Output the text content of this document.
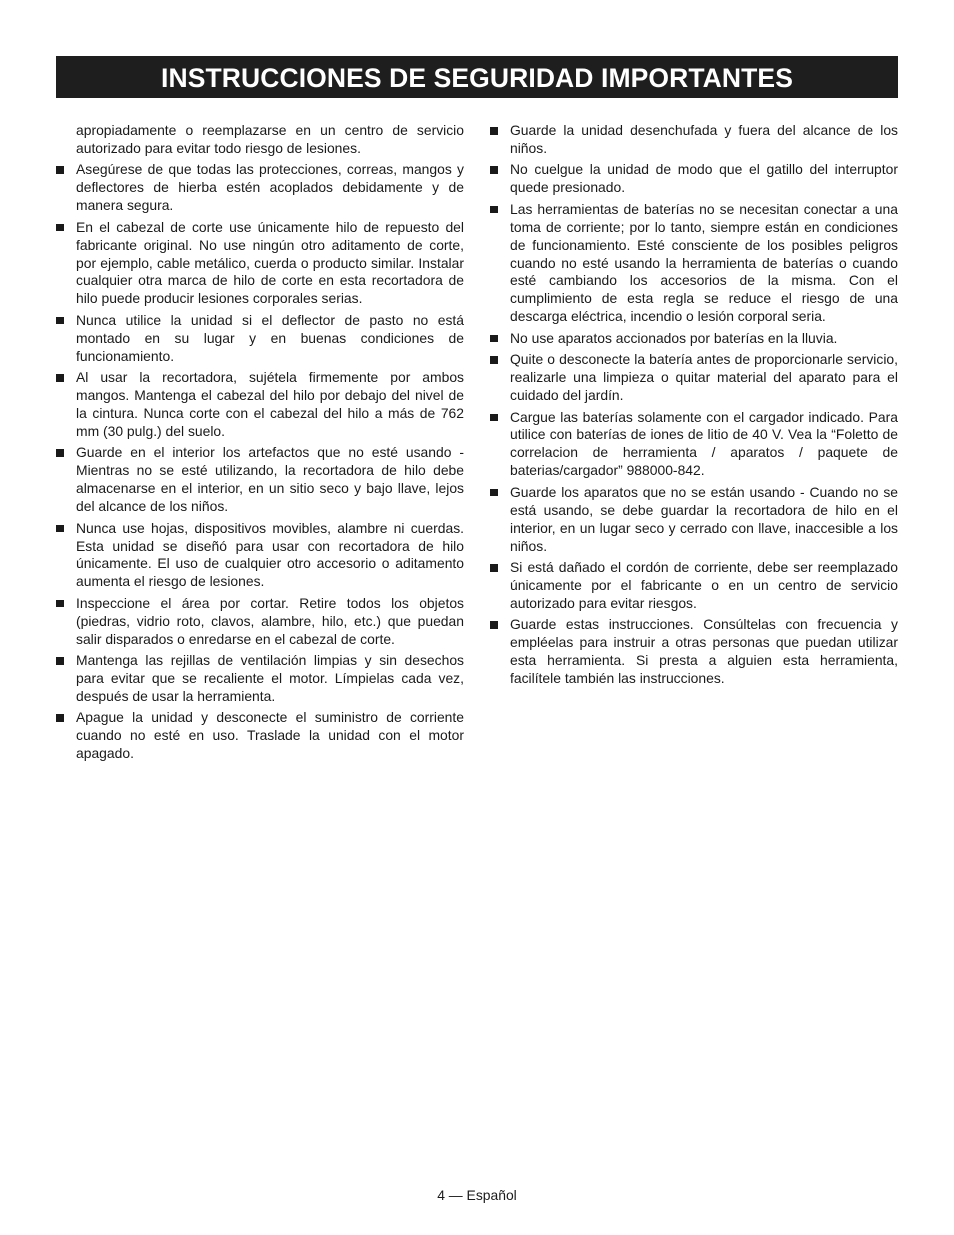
INSTRUCCIONES DE SEGURIDAD IMPORTANTES
apropiadamente o reemplazarse en un centro de servicio autorizado para evitar todo riesgo de lesiones.
Asegúrese de que todas las protecciones, correas, mangos y deflectores de hierba estén acoplados debidamente y de manera segura.
En el cabezal de corte use únicamente hilo de repuesto del fabricante original. No use ningún otro aditamento de corte, por ejemplo, cable metálico, cuerda o producto similar. Instalar cualquier otra marca de hilo de corte en esta recortadora de hilo puede producir lesiones corporales serias.
Nunca utilice la unidad si el deflector de pasto no está montado en su lugar y en buenas condiciones de funcionamiento.
Al usar la recortadora, sujétela firmemente por ambos mangos. Mantenga el cabezal del hilo por debajo del nivel de la cintura. Nunca corte con el cabezal del hilo a más de 762 mm (30 pulg.) del suelo.
Guarde en el interior los artefactos que no esté usando - Mientras no se esté utilizando, la recortadora de hilo debe almacenarse en el interior, en un sitio seco y bajo llave, lejos del alcance de los niños.
Nunca use hojas, dispositivos movibles, alambre ni cuerdas. Esta unidad se diseñó para usar con recortadora de hilo únicamente. El uso de cualquier otro accesorio o aditamento aumenta el riesgo de lesiones.
Inspeccione el área por cortar. Retire todos los objetos (piedras, vidrio roto, clavos, alambre, hilo, etc.) que puedan salir disparados o enredarse en el cabezal de corte.
Mantenga las rejillas de ventilación limpias y sin desechos para evitar que se recaliente el motor. Límpielas cada vez, después de usar la herramienta.
Apague la unidad y desconecte el suministro de corriente cuando no esté en uso. Traslade la unidad con el motor apagado.
Guarde la unidad desenchufada y fuera del alcance de los niños.
No cuelgue la unidad de modo que el gatillo del interruptor quede presionado.
Las herramientas de baterías no se necesitan conectar a una toma de corriente; por lo tanto, siempre están en condiciones de funcionamiento. Esté consciente de los posibles peligros cuando no esté usando la herramienta de baterías o cuando esté cambiando los accesorios de la misma. Con el cumplimiento de esta regla se reduce el riesgo de una descarga eléctrica, incendio o lesión corporal seria.
No use aparatos accionados por baterías en la lluvia.
Quite o desconecte la batería antes de proporcionarle servicio, realizarle una limpieza o quitar material del aparato para el cuidado del jardín.
Cargue las baterías solamente con el cargador indicado. Para utilice con baterías de iones de litio de 40 V. Vea la “Foletto de correlacion de herramienta / aparatos / paquete de baterias/cargador” 988000-842.
Guarde los aparatos que no se están usando - Cuando no se está usando, se debe guardar la recortadora de hilo en el interior, en un lugar seco y cerrado con llave, inaccesible a los niños.
Si está dañado el cordón de corriente, debe ser reemplazado únicamente por el fabricante o en un centro de servicio autorizado para evitar riesgos.
Guarde estas instrucciones. Consúltelas con frecuencia y empléelas para instruir a otras personas que puedan utilizar esta herramienta. Si presta a alguien esta herramienta, facilítele también las instrucciones.
4 — Español
